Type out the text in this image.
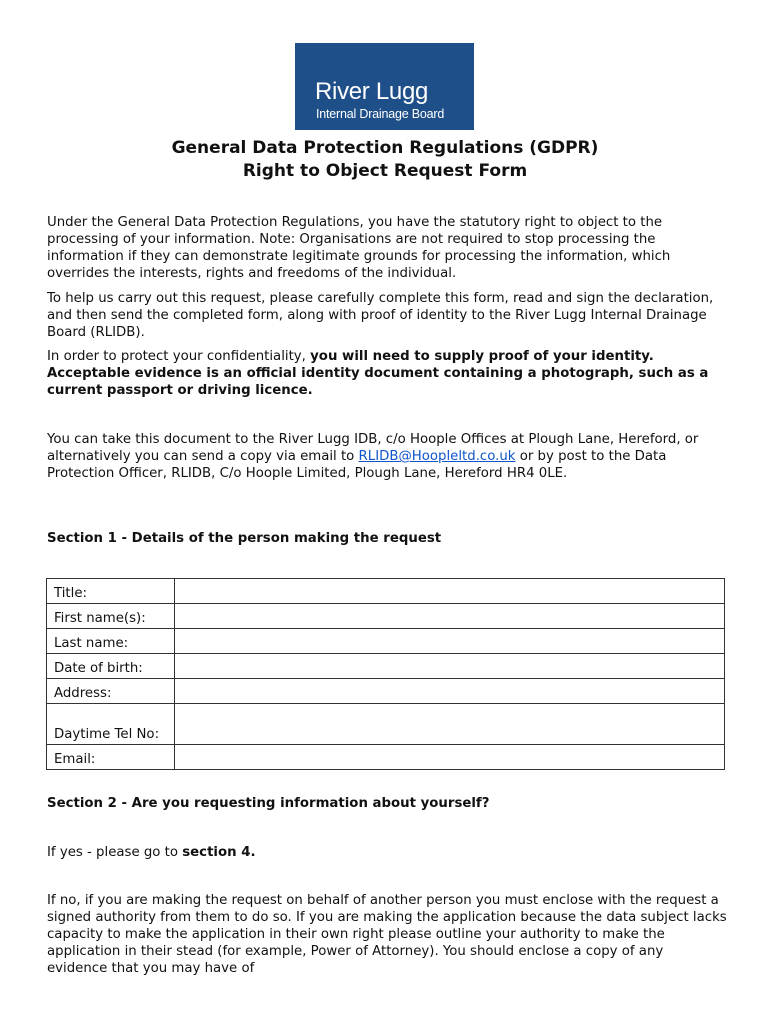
River Lugg
Internal Drainage Board
General Data Protection Regulations (GDPR)
Right to Object Request Form
Under the General Data Protection Regulations, you have the statutory right to object to the processing of your information. Note: Organisations are not required to stop processing the information if they can demonstrate legitimate grounds for processing the information, which overrides the interests, rights and freedoms of the individual.
To help us carry out this request, please carefully complete this form, read and sign the declaration, and then send the completed form, along with proof of identity to the River Lugg Internal Drainage Board (RLIDB).
In order to protect your confidentiality, you will need to supply proof of your identity. Acceptable evidence is an official identity document containing a photograph, such as a current passport or driving licence.
You can take this document to the River Lugg IDB, c/o Hoople Offices at Plough Lane, Hereford, or alternatively you can send a copy via email to RLIDB@Hoopleltd.co.uk or by post to the Data Protection Officer, RLIDB, C/o Hoople Limited, Plough Lane, Hereford HR4 0LE.
Section 1 - Details of the person making the request
Title:	
First name(s):	
Last name:	
Date of birth:	
Address:	
Daytime Tel No:	
Email:	
Section 2 - Are you requesting information about yourself?
If yes - please go to section 4.
If no, if you are making the request on behalf of another person you must enclose with the request a signed authority from them to do so. If you are making the application because the data subject lacks capacity to make the application in their own right please outline your authority to make the application in their stead (for example, Power of Attorney). You should enclose a copy of any evidence that you may have of
